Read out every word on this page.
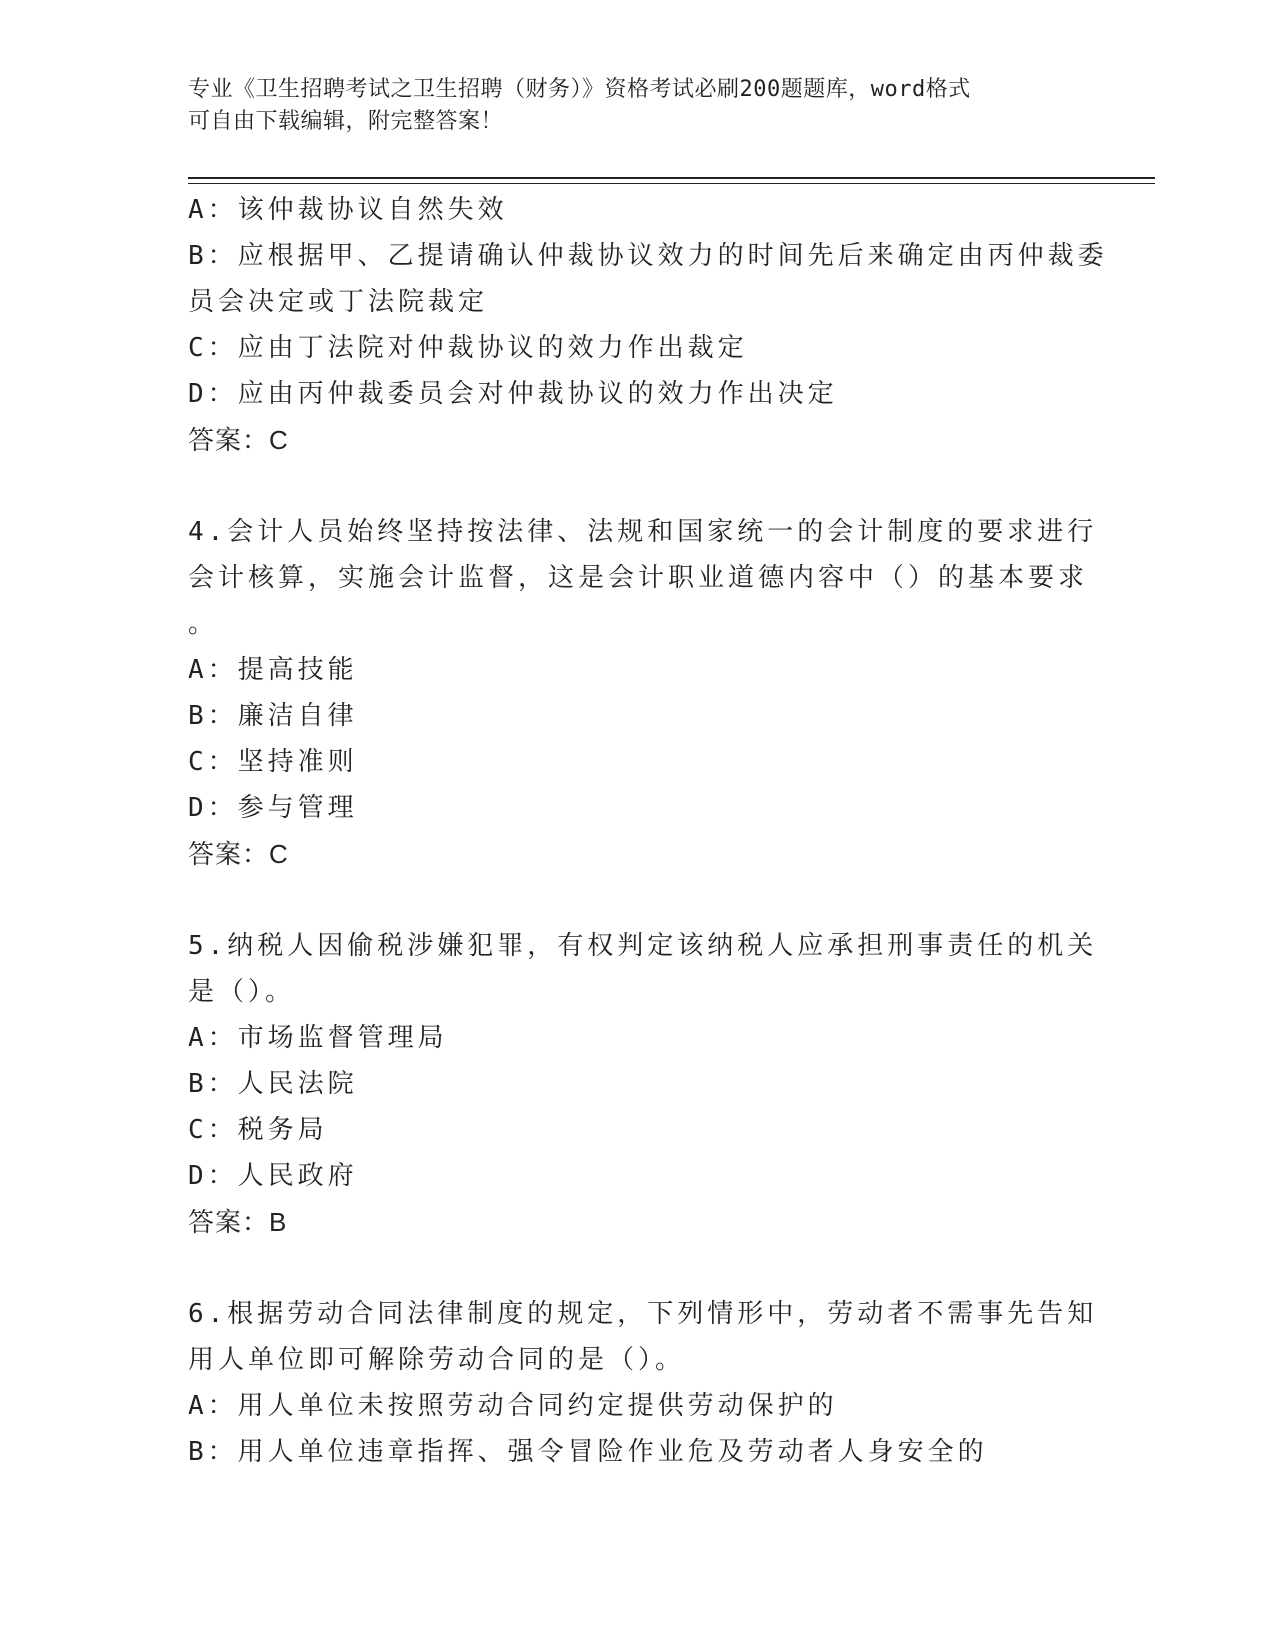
专业《卫生招聘考试之卫生招聘（财务）》资格考试必刷200题题库，word格式

可自由下载编辑，附完整答案！

A：该仲裁协议自然失效

B：应根据甲、乙提请确认仲裁协议效力的时间先后来确定由丙仲裁委

员会决定或丁法院裁定

C：应由丁法院对仲裁协议的效力作出裁定

D：应由丙仲裁委员会对仲裁协议的效力作出决定

答案：C

4.会计人员始终坚持按法律、法规和国家统一的会计制度的要求进行

会计核算，实施会计监督，这是会计职业道德内容中（）的基本要求

。

A：提高技能

B：廉洁自律

C：坚持准则

D：参与管理

答案：C

5.纳税人因偷税涉嫌犯罪，有权判定该纳税人应承担刑事责任的机关

是（）。

A：市场监督管理局

B：人民法院

C：税务局

D：人民政府

答案：B

6.根据劳动合同法律制度的规定，下列情形中，劳动者不需事先告知

用人单位即可解除劳动合同的是（）。

A：用人单位未按照劳动合同约定提供劳动保护的

B：用人单位违章指挥、强令冒险作业危及劳动者人身安全的
